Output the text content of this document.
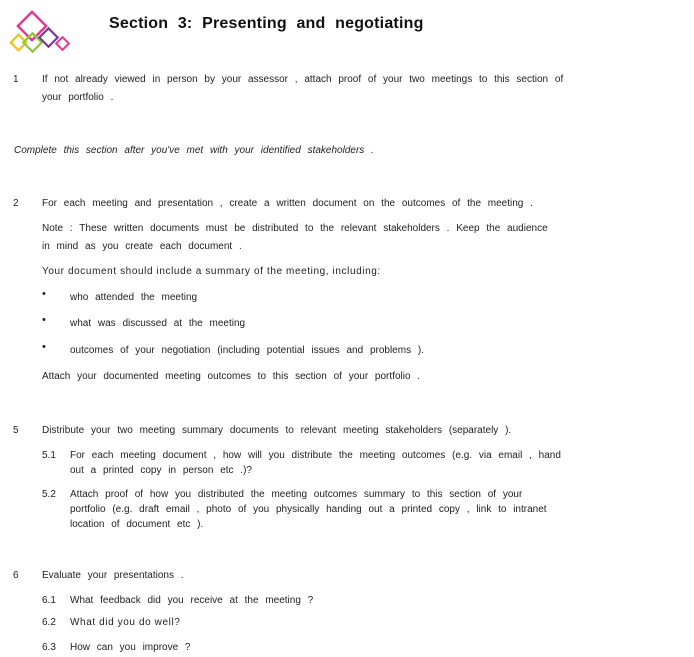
Section 3: Presenting and negotiating
1 If not already viewed in person by your assessor , attach proof of your two meetings to this section of
your portfolio .
Complete this section after you've met with your identified stakeholders .
2 For each meeting and presentation , create a written document on the outcomes of the meeting .
Note : These written documents must be distributed to the relevant stakeholders . Keep the audience
in mind as you create each document .
Your document should include a summary of the meeting, including:
• who attended the meeting
• what was discussed at the meeting
• outcomes of your negotiation (including potential issues and problems ).
Attach your documented meeting outcomes to this section of your portfolio .
5 Distribute your two meeting summary documents to relevant meeting stakeholders (separately ).
5.1 For each meeting document , how will you distribute the meeting outcomes (e.g. via email , hand
out a printed copy in person etc .)?
5.2 Attach proof of how you distributed the meeting outcomes summary to this section of your
portfolio (e.g. draft email , photo of you physically handing out a printed copy , link to intranet
location of document etc ).
6 Evaluate your presentations .
6.1 What feedback did you receive at the meeting ?
6.2 What did you do well?
6.3 How can you improve ?
